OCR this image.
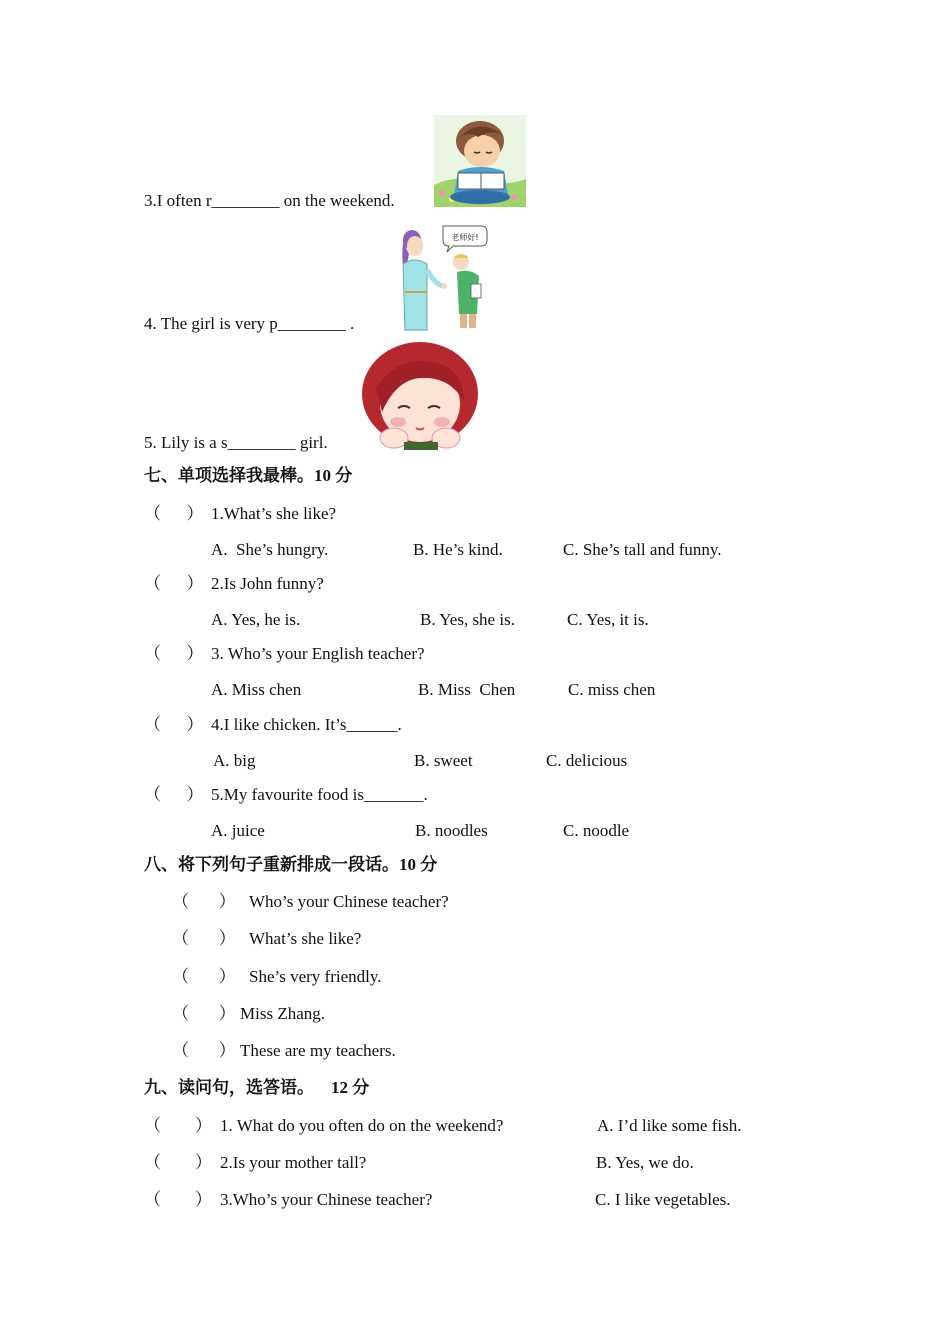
3.I often r________ on the weekend.
老师好!
4. The girl is very p________ .
5. Lily is a s________ girl.
七、单项选择我最棒。10 分
（      ） 1.What’s she like?
A.  She’s hungry.	B. He’s kind.	C. She’s tall and funny.
（      ） 2.Is John funny?
A. Yes, he is.	B. Yes, she is.	C. Yes, it is.
（      ） 3. Who’s your English teacher?
A. Miss chen	B. Miss  Chen	C. miss chen
（      ） 4.I like chicken. It’s______.
A. big	B. sweet	C. delicious
（      ） 5.My favourite food is_______.
A. juice	B. noodles	C. noodle
八、将下列句子重新排成一段话。10 分
（       ） Who’s your Chinese teacher?
（       ） What’s she like?
（       ） She’s very friendly.
（       ） Miss Zhang.
（       ） These are my teachers.
九、读问句，选答语。    12 分
（        ） 1. What do you often do on the weekend?	A. I’d like some fish.
（        ） 2.Is your mother tall?	B. Yes, we do.
（        ） 3.Who’s your Chinese teacher?	C. I like vegetables.
